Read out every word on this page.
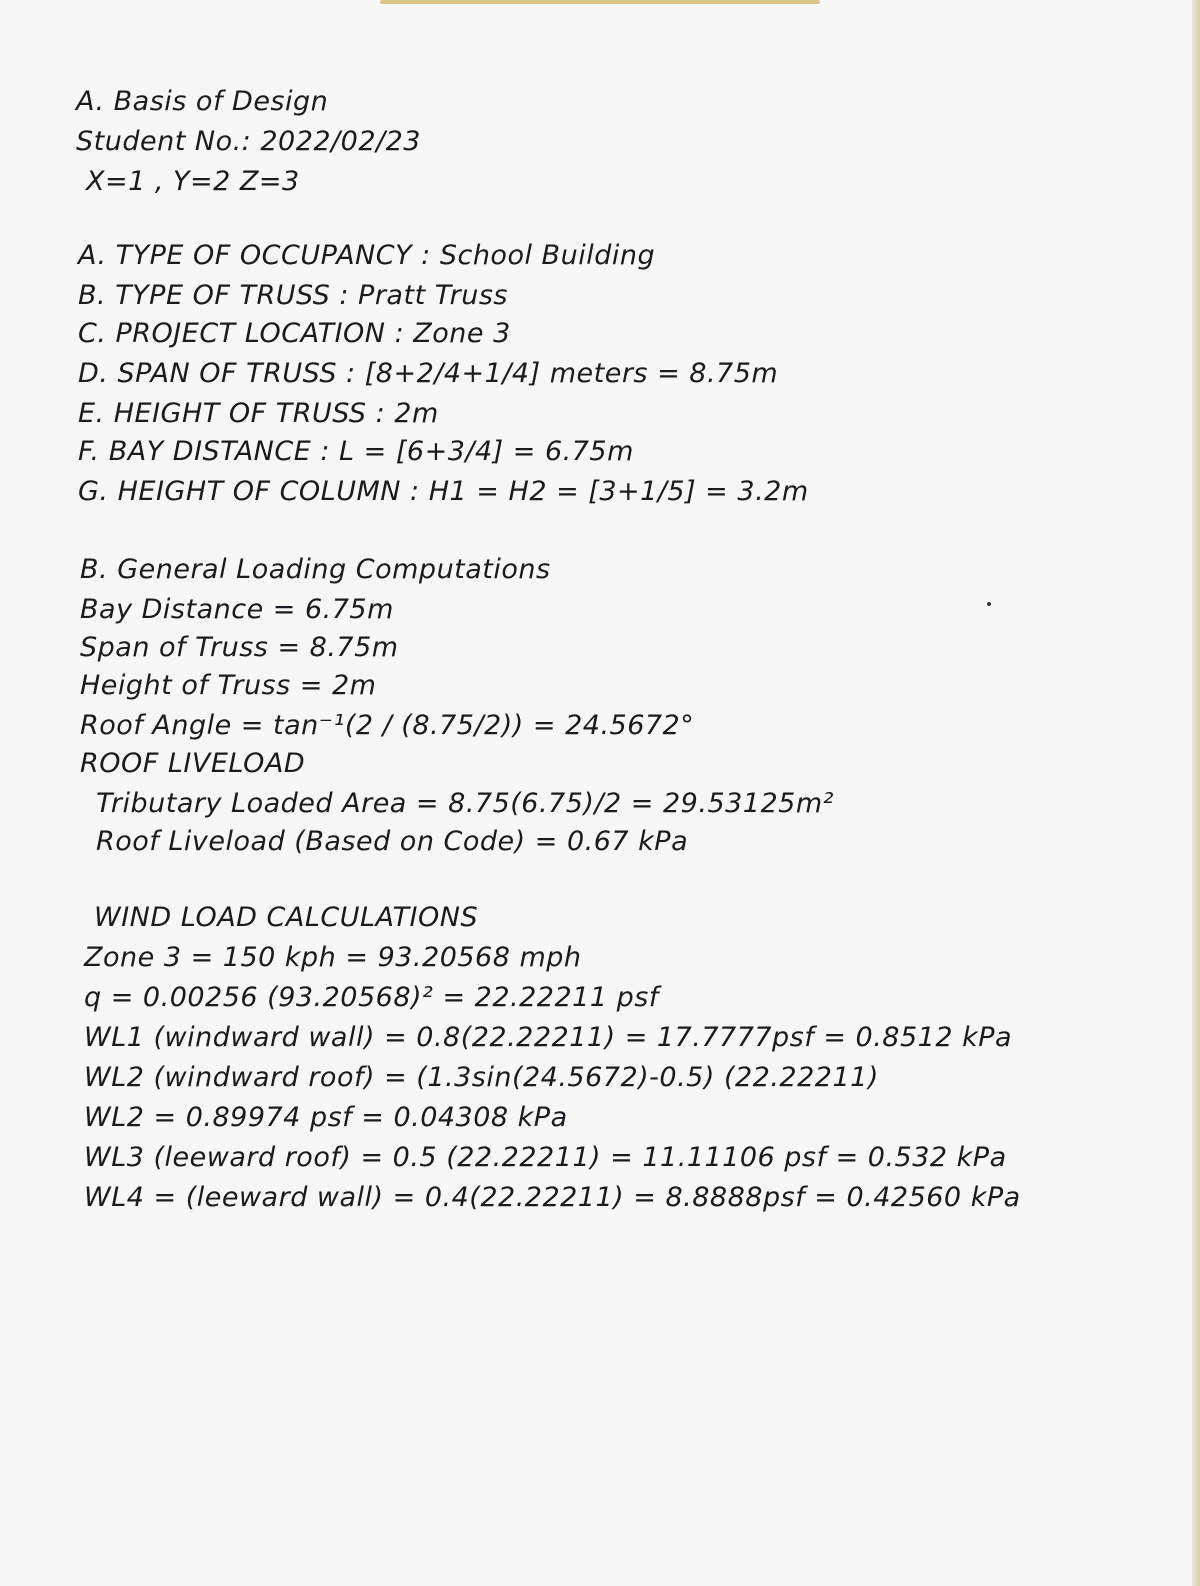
A. Basis of Design
Student No.: 2022/02/23
X=1 , Y=2 Z=3
A. TYPE OF OCCUPANCY : School Building
B. TYPE OF TRUSS : Pratt Truss
C. PROJECT LOCATION : Zone 3
D. SPAN OF TRUSS : [8+2/4+1/4] meters = 8.75m
E. HEIGHT OF TRUSS : 2m
F. BAY DISTANCE : L = [6+3/4] = 6.75m
G. HEIGHT OF COLUMN : H1 = H2 = [3+1/5] = 3.2m
B. General Loading Computations
Bay Distance = 6.75m
Span of Truss = 8.75m
Height of Truss = 2m
Roof Angle = tan⁻¹(2 / (8.75/2)) = 24.5672°
ROOF LIVELOAD
Tributary Loaded Area = 8.75(6.75)/2 = 29.53125m²
Roof Liveload (Based on Code) = 0.67 kPa
WIND LOAD CALCULATIONS
Zone 3 = 150 kph = 93.20568 mph
q = 0.00256 (93.20568)² = 22.22211 psf
WL1 (windward wall) = 0.8(22.22211) = 17.7777psf = 0.8512 kPa
WL2 (windward roof) = (1.3sin(24.5672)-0.5) (22.22211)
WL2 = 0.89974 psf = 0.04308 kPa
WL3 (leeward roof) = 0.5 (22.22211) = 11.11106 psf = 0.532 kPa
WL4 = (leeward wall) = 0.4(22.22211) = 8.8888psf = 0.42560 kPa
